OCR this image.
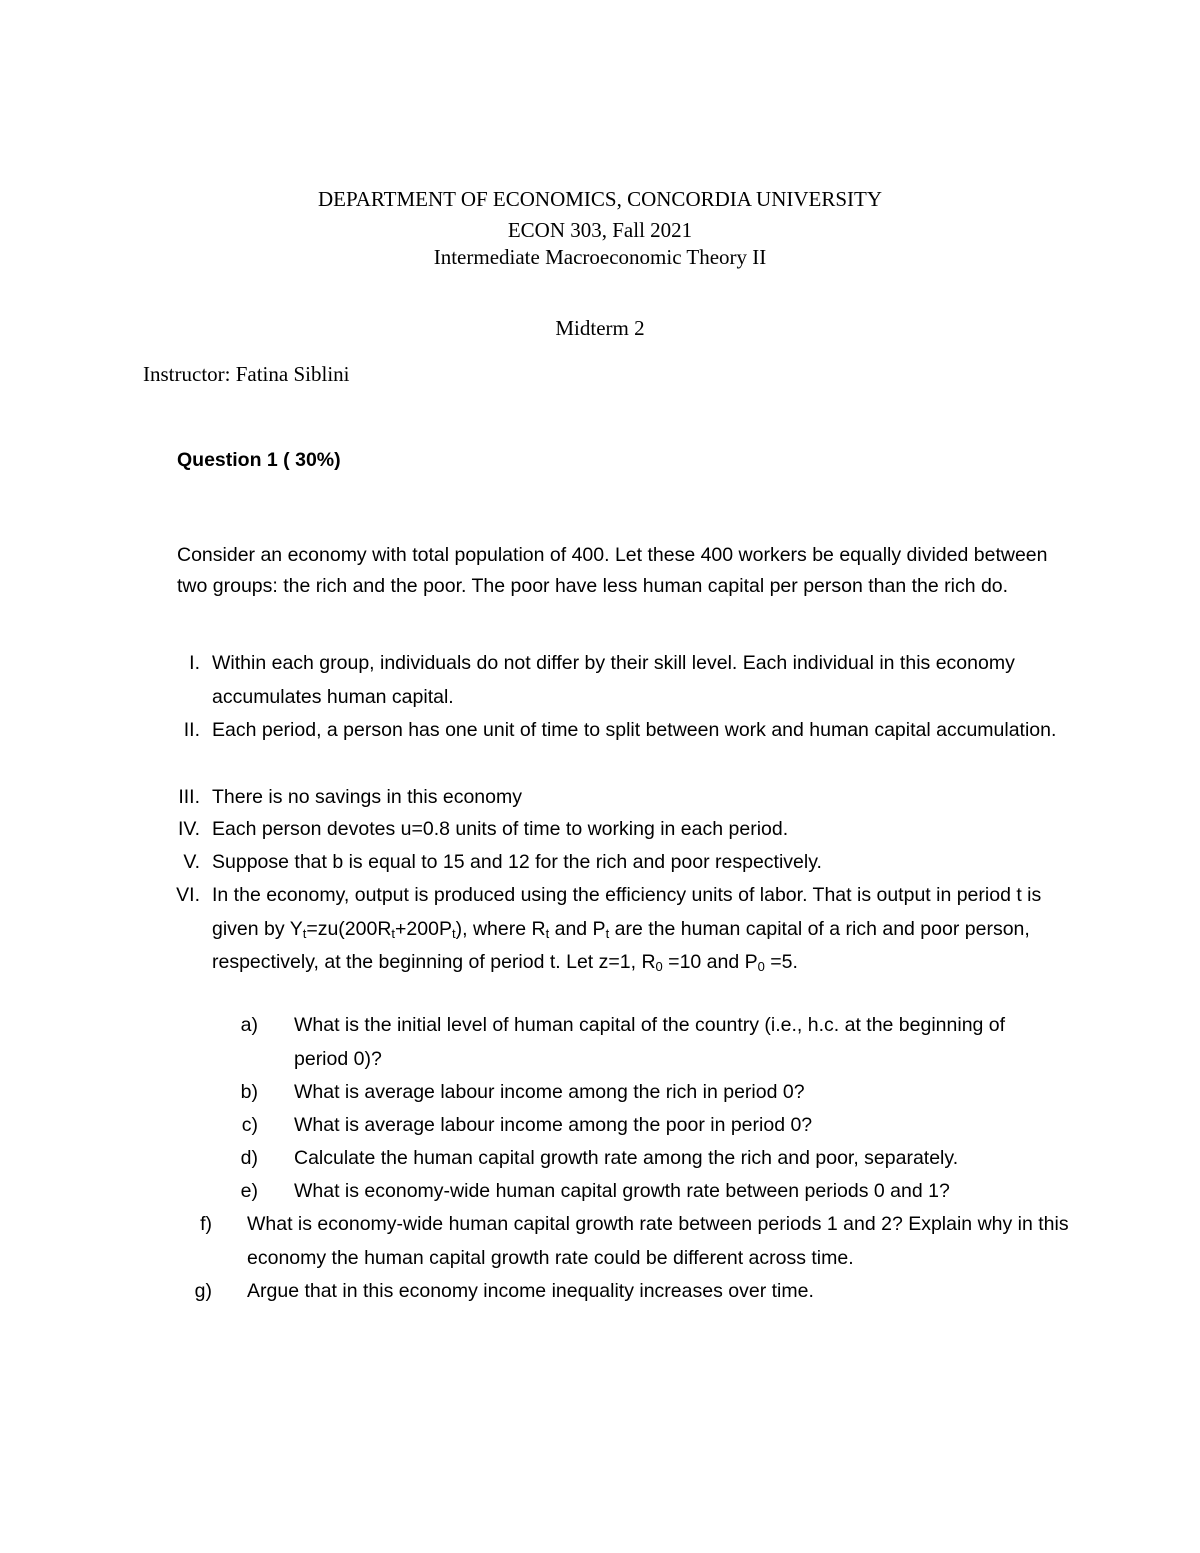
DEPARTMENT OF ECONOMICS, CONCORDIA UNIVERSITY
ECON 303, Fall 2021
Intermediate Macroeconomic Theory II
Midterm 2
Instructor: Fatina Siblini
Question 1 ( 30%)
Consider an economy with total population of 400. Let these 400 workers be equally divided between two groups: the rich and the poor. The poor have less human capital per person than the rich do.
I. Within each group, individuals do not differ by their skill level. Each individual in this economy accumulates human capital.
II. Each period, a person has one unit of time to split between work and human capital accumulation.
III. There is no savings in this economy
IV. Each person devotes u=0.8 units of time to working in each period.
V. Suppose that b is equal to 15 and 12 for the rich and poor respectively.
VI. In the economy, output is produced using the efficiency units of labor. That is output in period t is given by $Y_t=zu(200R_t+200P_t)$, where $R_t$ and $P_t$ are the human capital of a rich and poor person, respectively, at the beginning of period t. Let z=1, $R_0 =10$ and $P_0 =5$.
a) What is the initial level of human capital of the country (i.e., h.c. at the beginning of period 0)?
b) What is average labour income among the rich in period 0?
c) What is average labour income among the poor in period 0?
d) Calculate the human capital growth rate among the rich and poor, separately.
e) What is economy-wide human capital growth rate between periods 0 and 1?
f) What is economy-wide human capital growth rate between periods 1 and 2? Explain why in this economy the human capital growth rate could be different across time.
g) Argue that in this economy income inequality increases over time.
